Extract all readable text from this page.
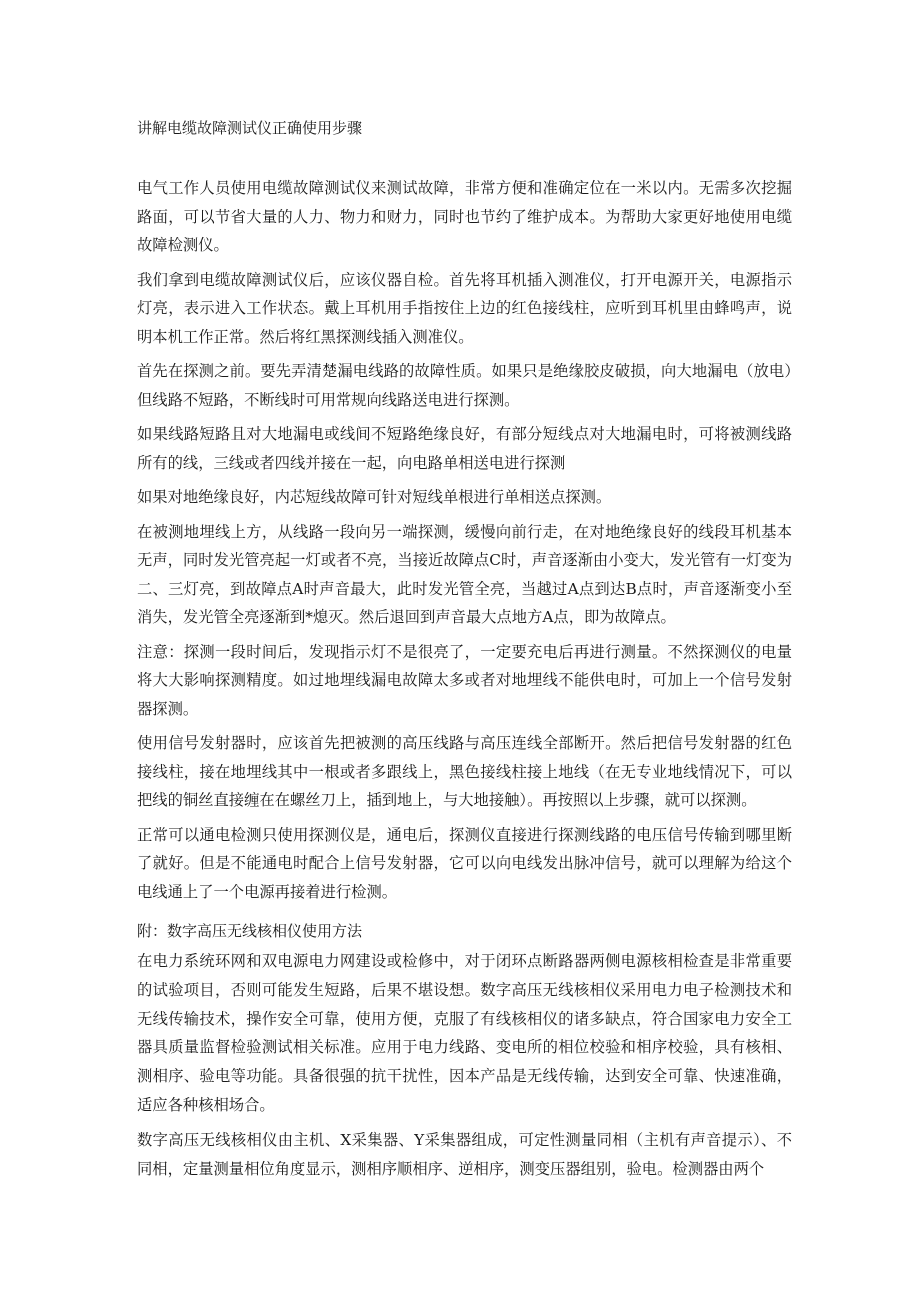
讲解电缆故障测试仪正确使用步骤

电气工作人员使用电缆故障测试仪来测试故障，非常方便和准确定位在一米以内。无需多次挖掘路面，可以节省大量的人力、物力和财力，同时也节约了维护成本。为帮助大家更好地使用电缆故障检测仪。

我们拿到电缆故障测试仪后，应该仪器自检。首先将耳机插入测准仪，打开电源开关，电源指示灯亮，表示进入工作状态。戴上耳机用手指按住上边的红色接线柱，应听到耳机里由蜂鸣声，说明本机工作正常。然后将红黑探测线插入测准仪。

首先在探测之前。要先弄清楚漏电线路的故障性质。如果只是绝缘胶皮破损，向大地漏电（放电）但线路不短路，不断线时可用常规向线路送电进行探测。

如果线路短路且对大地漏电或线间不短路绝缘良好，有部分短线点对大地漏电时，可将被测线路所有的线，三线或者四线并接在一起，向电路单相送电进行探测

如果对地绝缘良好，内芯短线故障可针对短线单根进行单相送点探测。

在被测地埋线上方，从线路一段向另一端探测，缓慢向前行走，在对地绝缘良好的线段耳机基本无声，同时发光管亮起一灯或者不亮，当接近故障点C时，声音逐渐由小变大，发光管有一灯变为二、三灯亮，到故障点A时声音最大，此时发光管全亮，当越过A点到达B点时，声音逐渐变小至消失，发光管全亮逐渐到*熄灭。然后退回到声音最大点地方A点，即为故障点。

注意：探测一段时间后，发现指示灯不是很亮了，一定要充电后再进行测量。不然探测仪的电量将大大影响探测精度。如过地埋线漏电故障太多或者对地埋线不能供电时，可加上一个信号发射器探测。

使用信号发射器时，应该首先把被测的高压线路与高压连线全部断开。然后把信号发射器的红色接线柱，接在地埋线其中一根或者多跟线上，黑色接线柱接上地线（在无专业地线情况下，可以把线的铜丝直接缠在在螺丝刀上，插到地上，与大地接触）。再按照以上步骤，就可以探测。

正常可以通电检测只使用探测仪是，通电后，探测仪直接进行探测线路的电压信号传输到哪里断了就好。但是不能通电时配合上信号发射器，它可以向电线发出脉冲信号，就可以理解为给这个电线通上了一个电源再接着进行检测。

附：数字高压无线核相仪使用方法

在电力系统环网和双电源电力网建设或检修中，对于闭环点断路器两侧电源核相检查是非常重要的试验项目，否则可能发生短路，后果不堪设想。数字高压无线核相仪采用电力电子检测技术和无线传输技术，操作安全可靠，使用方便，克服了有线核相仪的诸多缺点，符合国家电力安全工器具质量监督检验测试相关标准。应用于电力线路、变电所的相位校验和相序校验，具有核相、测相序、验电等功能。具备很强的抗干扰性，因本产品是无线传输，达到安全可靠、快速准确，适应各种核相场合。

数字高压无线核相仪由主机、X采集器、Y采集器组成，可定性测量同相（主机有声音提示）、不同相，定量测量相位角度显示，测相序顺相序、逆相序，测变压器组别，验电。检测器由两个
